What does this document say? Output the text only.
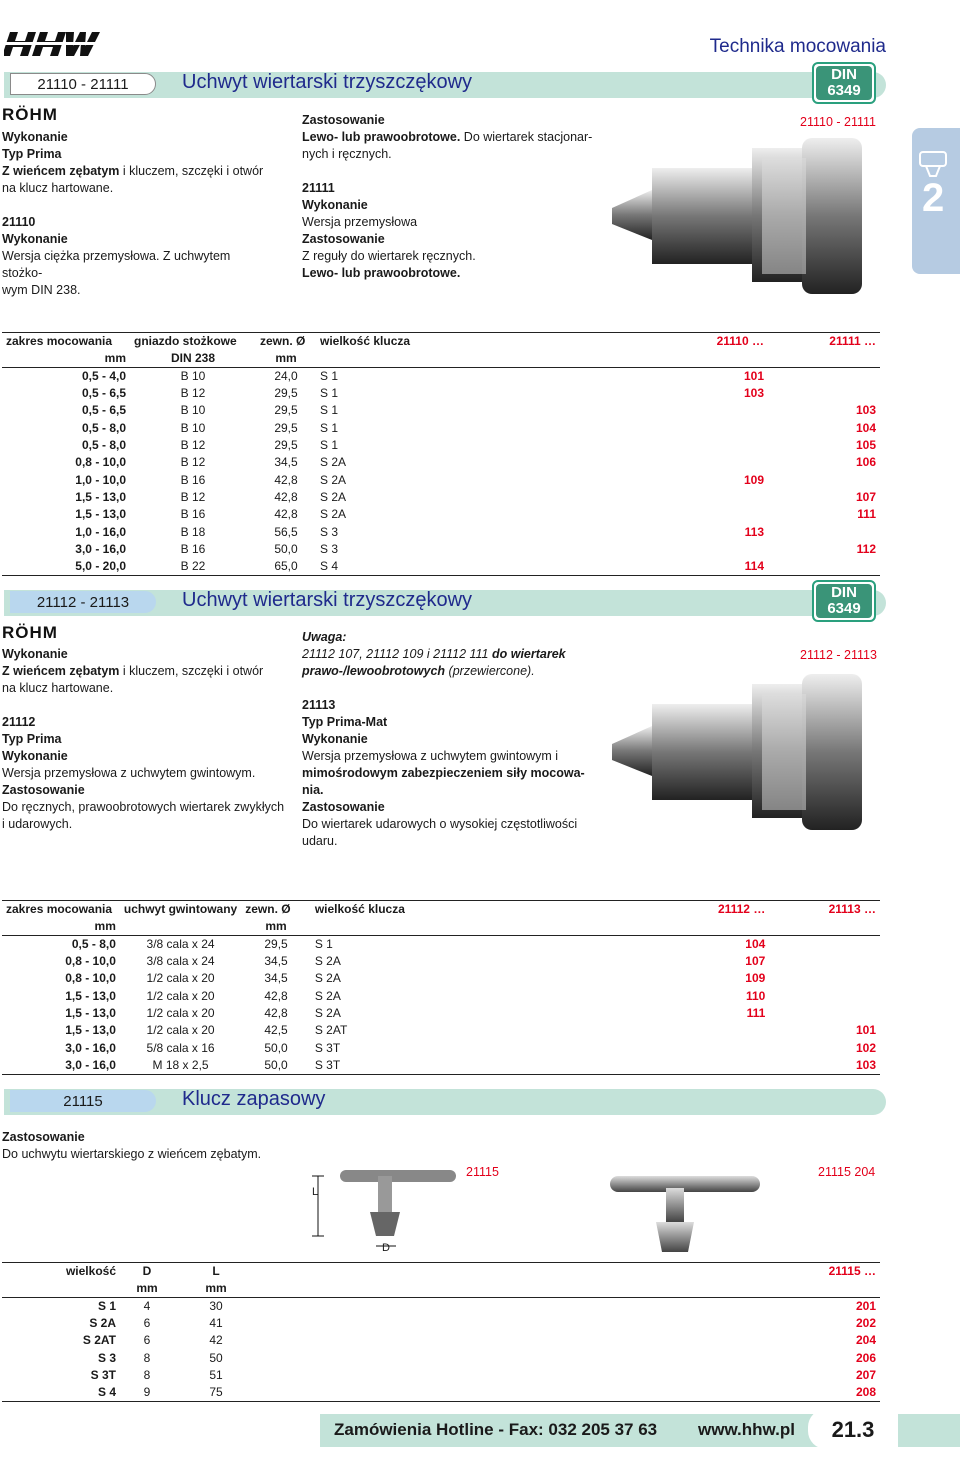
Technika mocowania
2
21110 - 21111	Uchwyt wiertarski trzyszczękowy	DIN
6349
RÖHM

Wykonanie

Typ Prima

Z wieńcem zębatym i kluczem, szczęki i otwór

na klucz hartowane.

21110

Wykonanie

Wersja ciężka przemysłowa. Z uchwytem stożko-

wym DIN 238.

Zastosowanie

Lewo- lub prawoobrotowe. Do wiertarek stacjonar-

nych i ręcznych.

21111

Wykonanie

Wersja przemysłowa

Zastosowanie

Z reguły do wiertarek ręcznych.

Lewo- lub prawoobrotowe.

21110 - 21111
zakres mocowania	gniazdo stożkowe	zewn. Ø	wielkość klucza	21110 …	21111 …
mm	DIN 238	mm			
0,5 - 4,0	B 10	24,0	S 1	101	
0,5 - 6,5	B 12	29,5	S 1	103	
0,5 - 6,5	B 10	29,5	S 1		103
0,5 - 8,0	B 10	29,5	S 1		104
0,5 - 8,0	B 12	29,5	S 1		105
0,8 - 10,0	B 12	34,5	S 2A		106
1,0 - 10,0	B 16	42,8	S 2A	109	
1,5 - 13,0	B 12	42,8	S 2A		107
1,5 - 13,0	B 16	42,8	S 2A		111
1,0 - 16,0	B 18	56,5	S 3	113	
3,0 - 16,0	B 16	50,0	S 3		112
5,0 - 20,0	B 22	65,0	S 4	114	
21112 - 21113	Uchwyt wiertarski trzyszczękowy	DIN
6349
RÖHM

Wykonanie

Z wieńcem zębatym i kluczem, szczęki i otwór

na klucz hartowane.

21112

Typ Prima

Wykonanie

Wersja przemysłowa z uchwytem gwintowym.

Zastosowanie

Do ręcznych, prawoobrotowych wiertarek zwykłych

i udarowych.

Uwaga:

21112 107, 21112 109 i 21112 111 do wiertarek

prawo-/lewoobrotowych (przewiercone).

21113

Typ Prima-Mat

Wykonanie

Wersja przemysłowa z uchwytem gwintowym i

mimośrodowym zabezpieczeniem siły mocowa-

nia.

Zastosowanie

Do wiertarek udarowych o wysokiej częstotliwości

udaru.

21112 - 21113
zakres mocowania	uchwyt gwintowany	zewn. Ø	wielkość klucza	21112 …	21113 …
mm		mm			
0,5 - 8,0	3/8 cala x 24	29,5	S 1	104	
0,8 - 10,0	3/8 cala x 24	34,5	S 2A	107	
0,8 - 10,0	1/2 cala x 20	34,5	S 2A	109	
1,5 - 13,0	1/2 cala x 20	42,8	S 2A	110	
1,5 - 13,0	1/2 cala x 20	42,8	S 2A	111	
1,5 - 13,0	1/2 cala x 20	42,5	S 2AT		101
3,0 - 16,0	5/8 cala x 16	50,0	S 3T		102
3,0 - 16,0	M 18 x 2,5	50,0	S 3T		103
21115	Klucz zapasowy

Zastosowanie

Do uchwytu wiertarskiego z wieńcem zębatym.

21115	21115 204
L
D
wielkość	D	L	21115 …
	mm	mm	
S 1	4	30	201
S 2A	6	41	202
S 2AT	6	42	204
S 3	8	50	206
S 3T	8	51	207
S 4	9	75	208
Zamówienia Hotline - Fax: 032 205 37 63 www.hhw.pl	21.3
